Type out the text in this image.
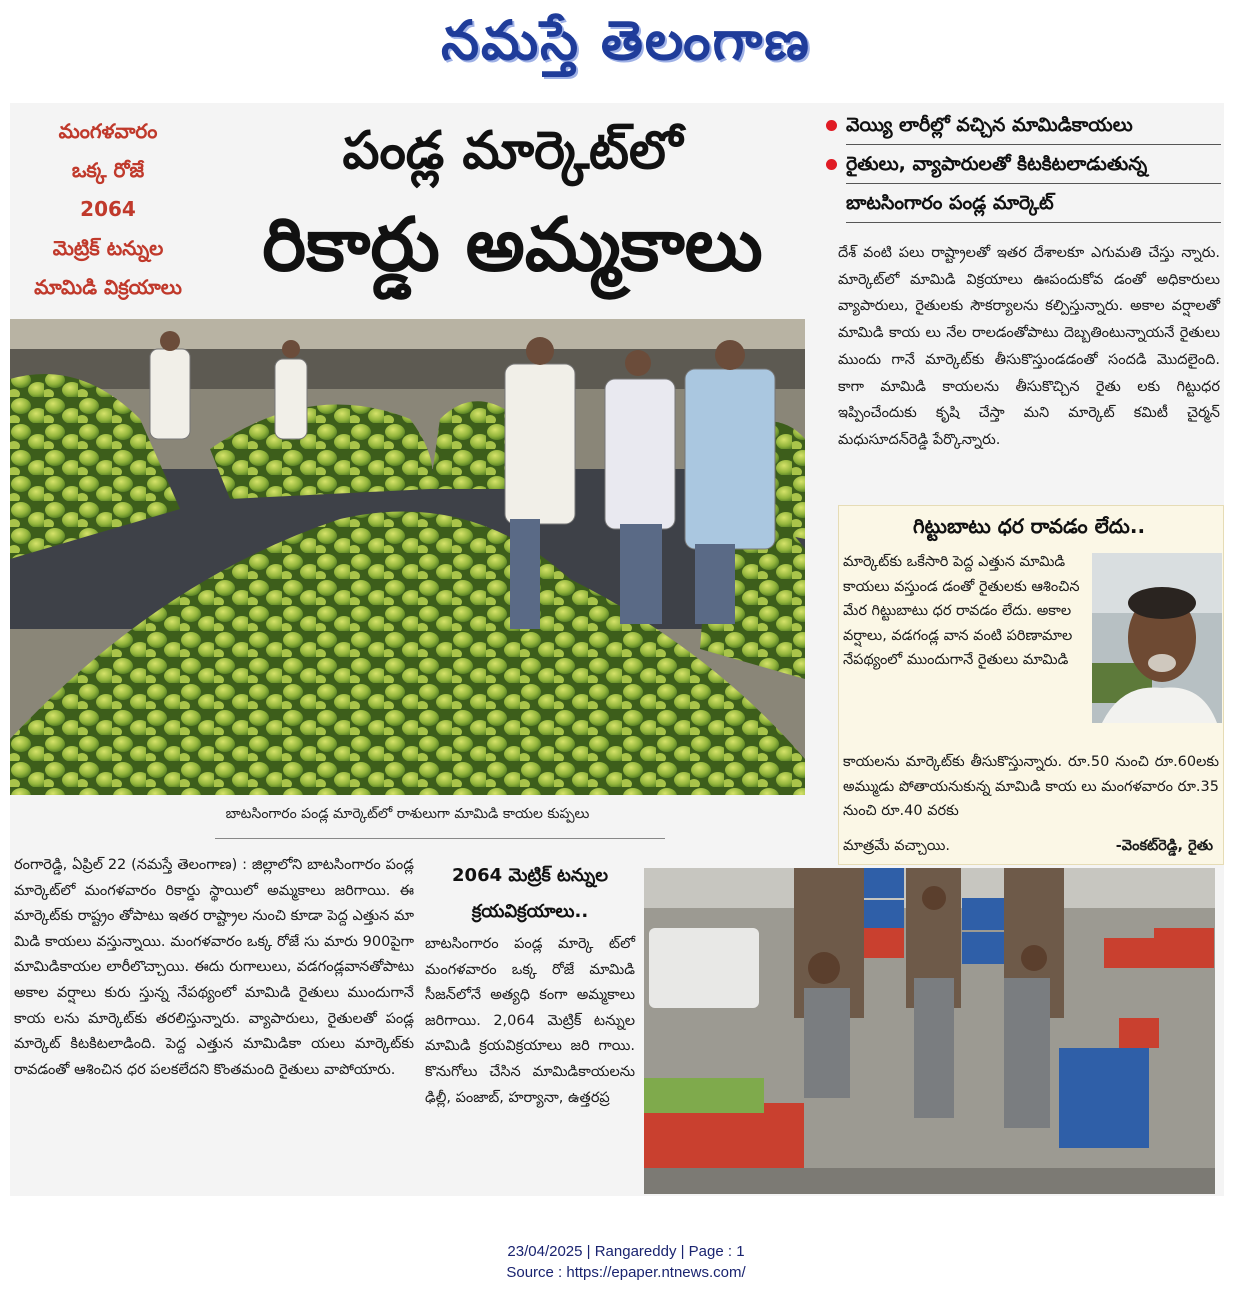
నమస్తే తెలంగాణ
మంగళవారం
ఒక్క రోజే
2064
మెట్రిక్ టన్నుల
మామిడి విక్రయాలు
పండ్ల మార్కెట్‌లో
రికార్డు అమ్మకాలు
వెయ్యి లారీల్లో వచ్చిన మామిడికాయలు
రైతులు, వ్యాపారులతో కిటకిటలాడుతున్న
బాటసింగారం పండ్ల మార్కెట్
దేశ్ వంటి పలు రాష్ట్రాలతో ఇతర దేశాలకూ ఎగుమతి చేస్తు న్నారు. మార్కెట్‌లో మామిడి విక్రయాలు ఊపందుకోవ డంతో అధికారులు వ్యాపారులు, రైతులకు సౌకర్యాలను కల్పిస్తున్నారు. అకాల వర్షాలతో మామిడి కాయ లు నేల రాలడంతోపాటు దెబ్బతింటున్నాయనే రైతులు ముందు గానే మార్కెట్‌కు తీసుకొస్తుండడంతో సందడి మొదలైంది. కాగా మామిడి కాయలను తీసుకొచ్చిన రైతు లకు గిట్టుధర ఇప్పించేందుకు కృషి చేస్తా మని మార్కెట్ కమిటీ చైర్మన్ మధుసూదన్‌రెడ్డి పేర్కొన్నారు.
బాటసింగారం పండ్ల మార్కెట్‌లో రాశులుగా మామిడి కాయల కుప్పలు
గిట్టుబాటు ధర రావడం లేదు..
మార్కెట్‌కు ఒకేసారి పెద్ద ఎత్తున మామిడి కాయలు వస్తుండ డంతో రైతులకు ఆశించిన మేర గిట్టుబాటు ధర రావడం లేదు. అకాల వర్షాలు, వడగండ్ల వాన వంటి పరిణామాల నేపథ్యంలో ముందుగానే రైతులు మామిడి
కాయలను మార్కెట్‌కు తీసుకొస్తున్నారు. రూ.50 నుంచి రూ.60లకు అమ్ముడు పోతాయనుకున్న మామిడి కాయ లు మంగళవారం రూ.35 నుంచి రూ.40 వరకు
మాత్రమే వచ్చాయి.	-వెంకట్‌రెడ్డి, రైతు
రంగారెడ్డి, ఏప్రిల్ 22 (నమస్తే తెలంగాణ) : జిల్లాలోని బాటసింగారం పండ్ల మార్కెట్‌లో మంగళవారం రికార్డు స్థాయిలో అమ్మకాలు జరిగాయి. ఈ మార్కెట్‌కు రాష్ట్రం తోపాటు ఇతర రాష్ట్రాల నుంచి కూడా పెద్ద ఎత్తున మా మిడి కాయలు వస్తున్నాయి. మంగళవారం ఒక్క రోజే సు మారు 900పైగా మామిడికాయల లారీలొచ్చాయి. ఈదు రుగాలులు, వడగండ్లవానతోపాటు అకాల వర్షాలు కురు స్తున్న నేపథ్యంలో మామిడి రైతులు ముందుగానే కాయ లను మార్కెట్‌కు తరలిస్తున్నారు. వ్యాపారులు, రైతులతో పండ్ల మార్కెట్ కిటకిటలాడింది. పెద్ద ఎత్తున మామిడికా యలు మార్కెట్‌కు రావడంతో ఆశించిన ధర పలకలేదని కొంతమంది రైతులు వాపోయారు.
2064 మెట్రిక్ టన్నుల క్రయవిక్రయాలు..
బాటసింగారం పండ్ల మార్కె ట్‌లో మంగళవారం ఒక్క రోజే మామిడి సీజన్‌లోనే అత్యధి కంగా అమ్మకాలు జరిగాయి. 2,064 మెట్రిక్ టన్నుల మామిడి క్రయవిక్రయాలు జరి గాయి. కొనుగోలు చేసిన మామిడికాయలను ఢిల్లీ, పంజాబ్, హర్యానా, ఉత్తరప్ర
23/04/2025 | Rangareddy | Page : 1
Source : https://epaper.ntnews.com/
